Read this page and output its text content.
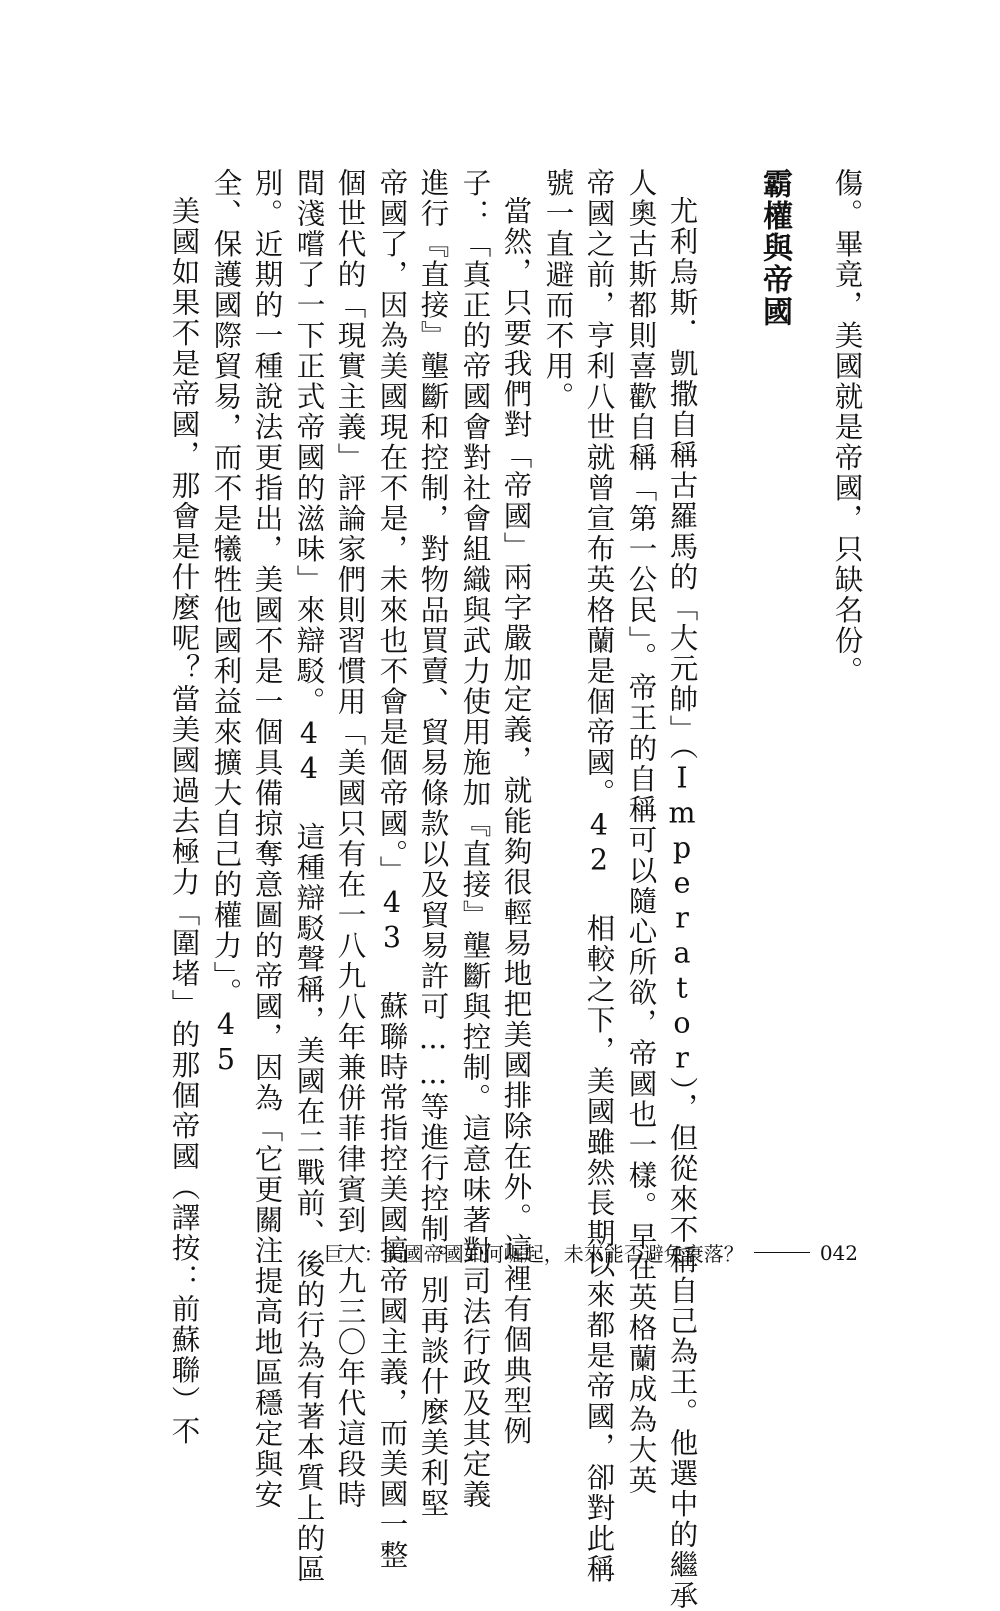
傷。畢竟，美國就是帝國，只缺名份。
霸權與帝國
尤利烏斯．凱撒自稱古羅馬的「大元帥」（Imperator），但從來不稱自己為王。他選中的繼承
人奧古斯都則喜歡自稱「第一公民」。帝王的自稱可以隨心所欲，帝國也一樣。早在英格蘭成為大英
帝國之前，亨利八世就曾宣布英格蘭是個帝國。42 相較之下，美國雖然長期以來都是帝國，卻對此稱
號一直避而不用。
當然，只要我們對「帝國」兩字嚴加定義，就能夠很輕易地把美國排除在外。這裡有個典型例
子：「真正的帝國會對社會組織與武力使用施加『直接』壟斷與控制。這意味著對司法行政及其定義
進行『直接』壟斷和控制，對物品買賣、貿易條款以及貿易許可……等進行控制。別再談什麼美利堅
帝國了，因為美國現在不是，未來也不會是個帝國。」43 蘇聯時常指控美國搞帝國主義，而美國一整
個世代的「現實主義」評論家們則習慣用「美國只有在一八九八年兼併菲律賓到一九三〇年代這段時
間淺嚐了一下正式帝國的滋味」來辯駁。44 這種辯駁聲稱，美國在二戰前、後的行為有著本質上的區
別。近期的一種說法更指出，美國不是一個具備掠奪意圖的帝國，因為「它更關注提高地區穩定與安
全、保護國際貿易，而不是犧牲他國利益來擴大自己的權力」。45
美國如果不是帝國，那會是什麼呢？當美國過去極力「圍堵」的那個帝國（譯按：前蘇聯）不	巨人：美國帝國如何崛起，未來能否避免衰落？	042
